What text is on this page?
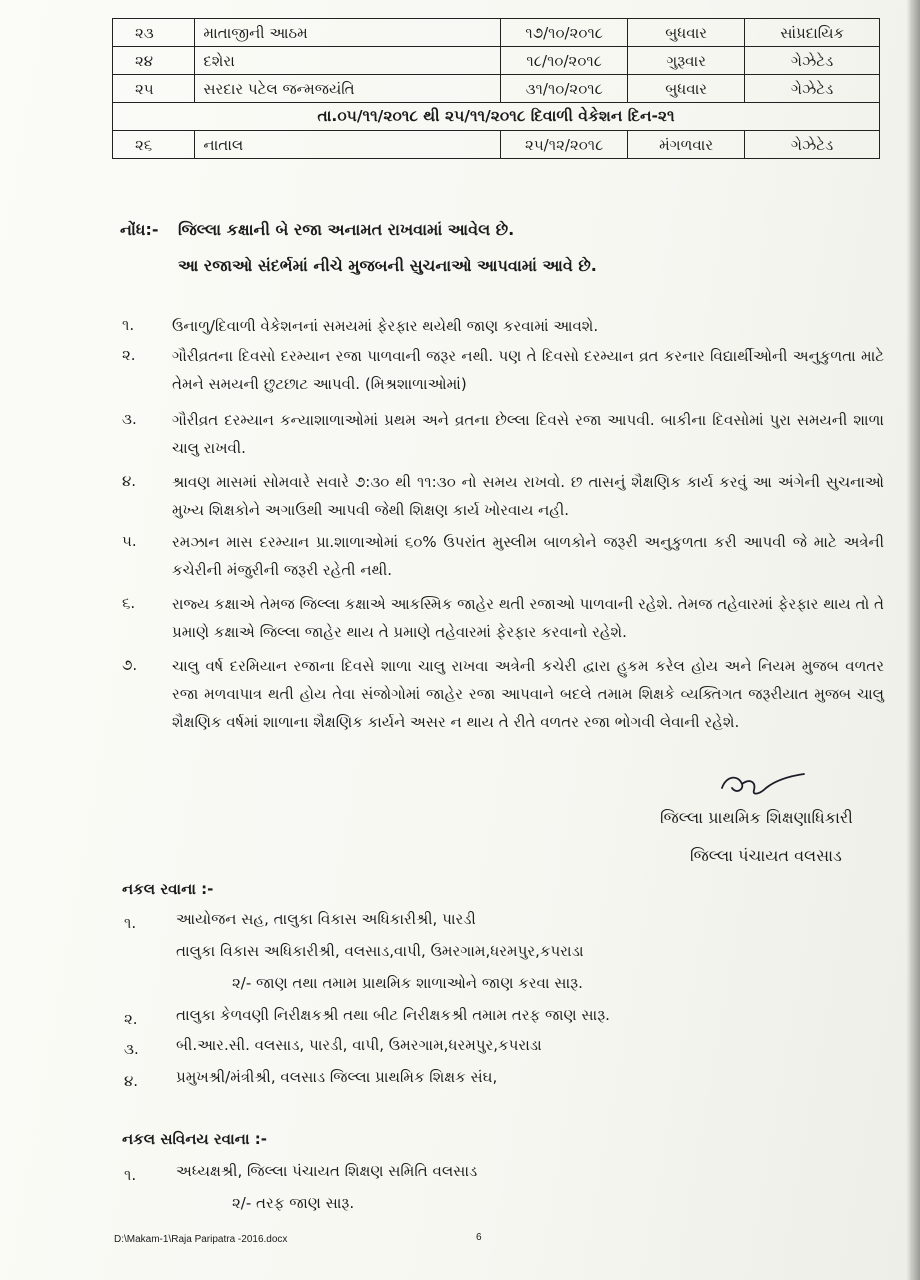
૨૩	માતાજીની આઠમ	૧૭/૧૦/૨૦૧૮	બુધવાર	સાંપ્રદાયિક
૨૪	દશેરા	૧૮/૧૦/૨૦૧૮	ગુરૂવાર	ગેઝેટેડ
૨૫	સરદાર પટેલ જન્મજયંતિ	૩૧/૧૦/૨૦૧૮	બુધવાર	ગેઝેટેડ
તા.૦૫/૧૧/૨૦૧૮ થી ૨૫/૧૧/૨૦૧૮ દિવાળી વેકેશન દિન-૨૧				
૨૬	નાતાલ	૨૫/૧૨/૨૦૧૮	મંગળવાર	ગેઝેટેડ
નોંધ:- જિલ્લા કક્ષાની બે રજા અનામત રાખવામાં આવેલ છે.
આ રજાઓ સંદર્ભમાં નીચે મુજબની સુચનાઓ આપવામાં આવે છે.
૧.	ઉનાળુ/દિવાળી વેકેશનનાં સમયમાં ફેરફાર થયેથી જાણ કરવામાં આવશે.
૨. ગૌરીવ્રતના દિવસો દરમ્યાન રજા પાળવાની જરૂર નથી. પણ તે દિવસો દરમ્યાન વ્રત કરનાર વિદ્યાર્થીઓની અનુકુળતા માટે તેમને સમયની છુટછાટ આપવી. (મિશ્રશાળાઓમાં)
૩. ગૌરીવ્રત દરમ્યાન કન્યાશાળાઓમાં પ્રથમ અને વ્રતના છેલ્લા દિવસે રજા આપવી. બાકીના દિવસોમાં પુરા સમયની શાળા ચાલુ રાખવી.
૪. શ્રાવણ માસમાં સોમવારે સવારે ૭:૩૦ થી ૧૧:૩૦ નો સમય રાખવો. છ તાસનું શૈક્ષણિક કાર્ય કરવું આ અંગેની સુચનાઓ મુખ્ય શિક્ષકોને અગાઉથી આપવી જેથી શિક્ષણ કાર્ય ખોરવાય નહી.
૫. રમઝાન માસ દરમ્યાન પ્રા.શાળાઓમાં ૬૦% ઉપરાંત મુસ્લીમ બાળકોને જરૂરી અનુકુળતા કરી આપવી જે માટે અત્રેની કચેરીની મંજુરીની જરૂરી રહેતી નથી.
૬. રાજ્ય કક્ષાએ તેમજ જિલ્લા કક્ષાએ આકસ્મિક જાહેર થતી રજાઓ પાળવાની રહેશે. તેમજ તહેવારમાં ફેરફાર થાય તો તે પ્રમાણે કક્ષાએ જિલ્લા જાહેર થાય તે પ્રમાણે તહેવારમાં ફેરફાર કરવાનો રહેશે.
૭. ચાલુ વર્ષ દરમિયાન રજાના દિવસે શાળા ચાલુ રાખવા અત્રેની કચેરી દ્વારા હુકમ કરેલ હોય અને નિયમ મુજબ વળતર રજા મળવાપાત્ર થતી હોય તેવા સંજોગોમાં જાહેર રજા આપવાને બદલે તમામ શિક્ષકે વ્યક્તિગત જરૂરીયાત મુજબ ચાલુ શૈક્ષણિક વર્ષમાં શાળાના શૈક્ષણિક કાર્યને અસર ન થાય તે રીતે વળતર રજા ભોગવી લેવાની રહેશે.
જિલ્લા પ્રાથમિક શિક્ષણાધિકારી
જિલ્લા પંચાયત વલસાડ
નકલ રવાના :-
૧.	આયોજન સહ, તાલુકા વિકાસ અધિકારીશ્રી, પારડી
તાલુકા વિકાસ અધિકારીશ્રી, વલસાડ,વાપી, ઉમરગામ,ધરમપુર,કપરાડા
૨/- જાણ તથા તમામ પ્રાથમિક શાળાઓને જાણ કરવા સારૂ.
૨.	તાલુકા કેળવણી નિરીક્ષકશ્રી તથા બીટ નિરીક્ષકશ્રી તમામ તરફ જાણ સારૂ.
૩. બી.આર.સી. વલસાડ, પારડી, વાપી, ઉમરગામ,ધરમપુર,કપરાડા
૪.	પ્રમુખશ્રી/મંત્રીશ્રી, વલસાડ જિલ્લા પ્રાથમિક શિક્ષક સંઘ,
નકલ સવિનય રવાના :-
૧.	અધ્યક્ષશ્રી, જિલ્લા પંચાયત શિક્ષણ સમિતિ વલસાડ
૨/- તરફ જાણ સારૂ.
D:\Makam-1\Raja Paripatra -2016.docx	6
